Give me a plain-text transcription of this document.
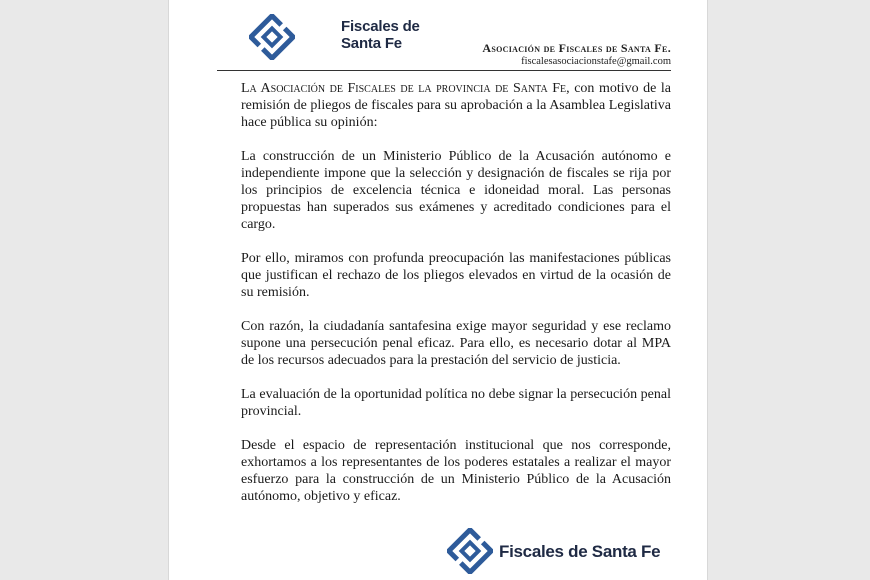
Fiscales de
Santa Fe	Asociación de Fiscales de Santa Fe.
fiscalesasociacionstafe@gmail.com

La Asociación de Fiscales de la provincia de Santa Fe, con motivo de la remisión de pliegos de fiscales para su aprobación a la Asamblea Legislativa hace pública su opinión:

La construcción de un Ministerio Público de la Acusación autónomo e independiente impone que la selección y designación de fiscales se rija por los principios de excelencia técnica e idoneidad moral. Las personas propuestas han superados sus exámenes y acreditado condiciones para el cargo.

Por ello, miramos con profunda preocupación las manifestaciones públicas que justifican el rechazo de los pliegos elevados en virtud de la ocasión de su remisión.

Con razón, la ciudadanía santafesina exige mayor seguridad y ese reclamo supone una persecución penal eficaz. Para ello, es necesario dotar al MPA de los recursos adecuados para la prestación del servicio de justicia.

La evaluación de la oportunidad política no debe signar la persecución penal provincial.

Desde el espacio de representación institucional que nos corresponde, exhortamos a los representantes de los poderes estatales a realizar el mayor esfuerzo para la construcción de un Ministerio Público de la Acusación autónomo, objetivo y eficaz.

Fiscales de Santa Fe
